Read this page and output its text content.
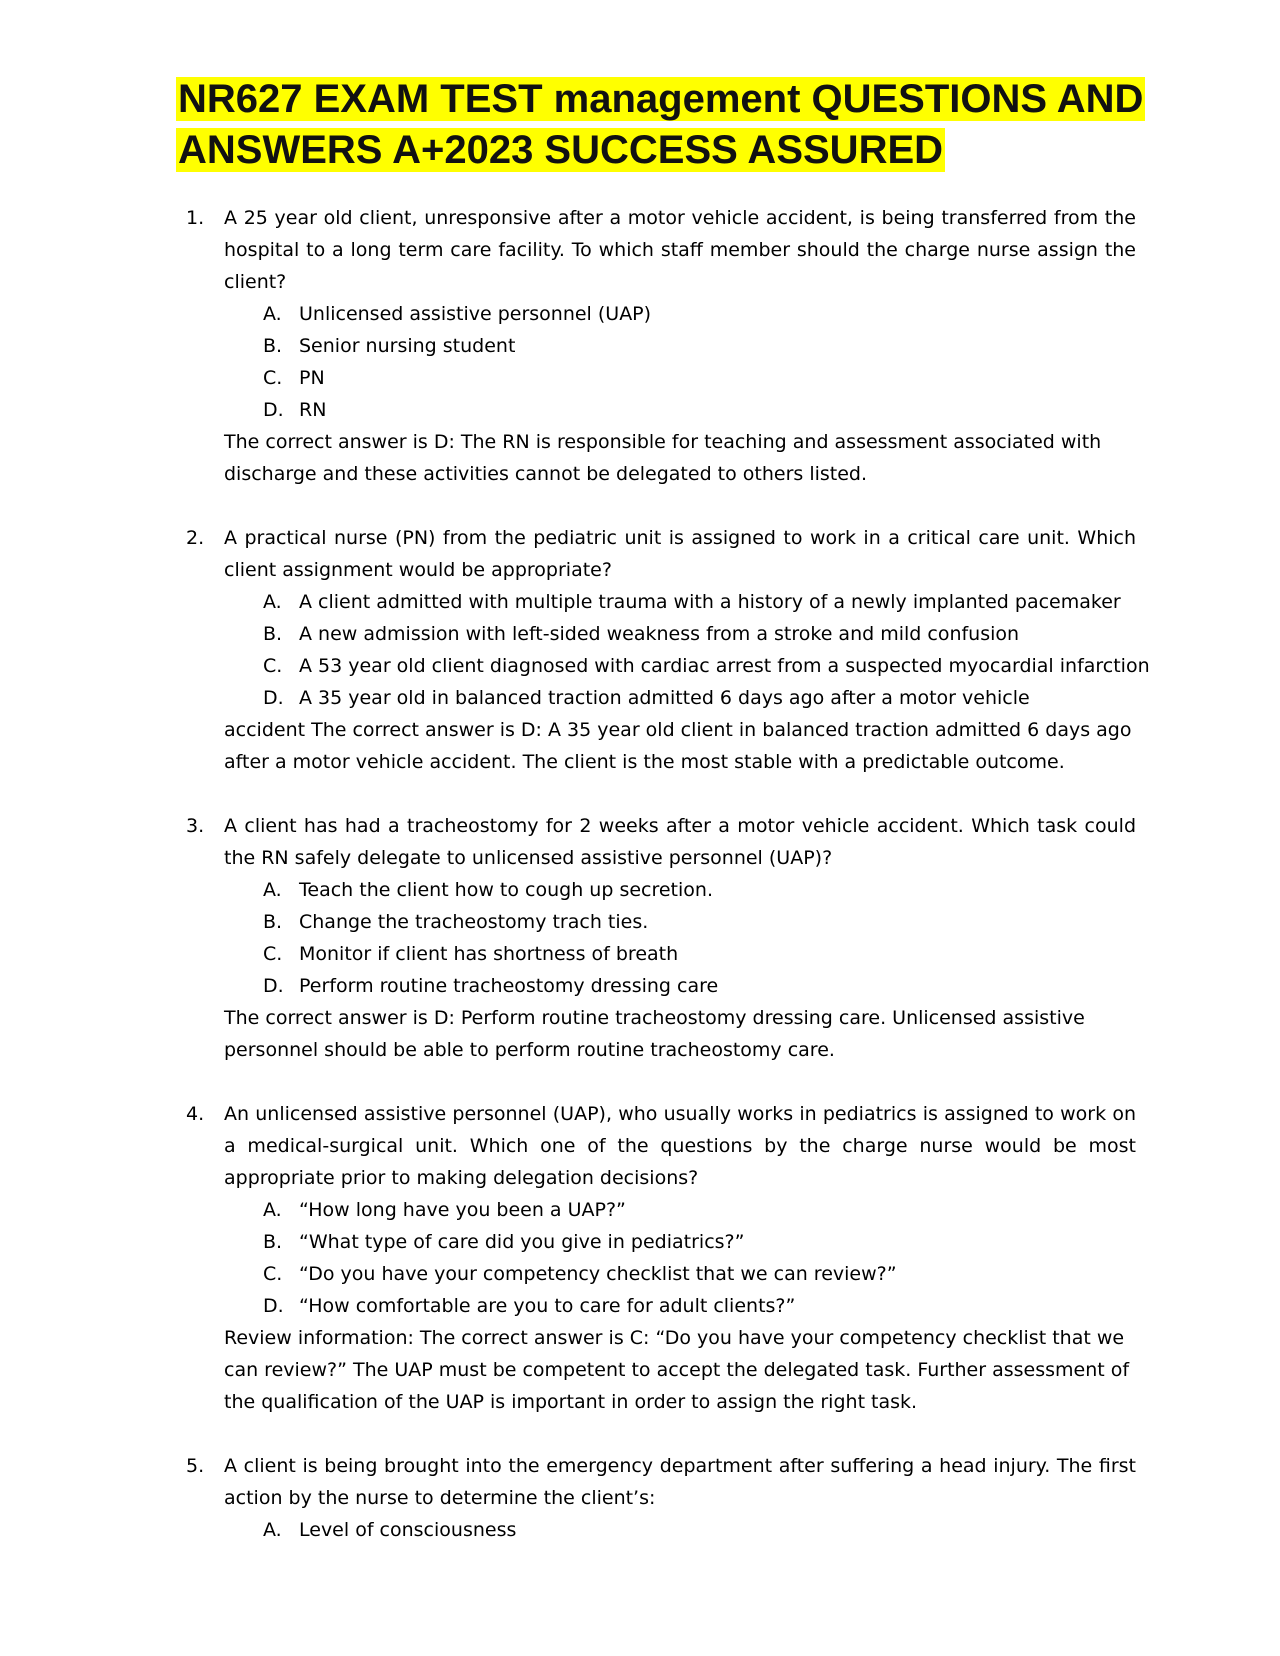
NR627 EXAM TEST management QUESTIONS AND ANSWERS A+2023 SUCCESS ASSURED
1. A 25 year old client, unresponsive after a motor vehicle accident, is being transferred from the hospital to a long term care facility. To which staff member should the charge nurse assign the client?
A. Unlicensed assistive personnel (UAP)
B. Senior nursing student
C. PN
D. RN
The correct answer is D: The RN is responsible for teaching and assessment associated with discharge and these activities cannot be delegated to others listed.
2. A practical nurse (PN) from the pediatric unit is assigned to work in a critical care unit. Which client assignment would be appropriate?
A. A client admitted with multiple trauma with a history of a newly implanted pacemaker
B. A new admission with left-sided weakness from a stroke and mild confusion
C. A 53 year old client diagnosed with cardiac arrest from a suspected myocardial infarction
D. A 35 year old in balanced traction admitted 6 days ago after a motor vehicle
accident The correct answer is D: A 35 year old client in balanced traction admitted 6 days ago after a motor vehicle accident. The client is the most stable with a predictable outcome.
3. A client has had a tracheostomy for 2 weeks after a motor vehicle accident. Which task could the RN safely delegate to unlicensed assistive personnel (UAP)?
A. Teach the client how to cough up secretion.
B. Change the tracheostomy trach ties.
C. Monitor if client has shortness of breath
D. Perform routine tracheostomy dressing care
The correct answer is D: Perform routine tracheostomy dressing care. Unlicensed assistive personnel should be able to perform routine tracheostomy care.
4. An unlicensed assistive personnel (UAP), who usually works in pediatrics is assigned to work on a medical-surgical unit. Which one of the questions by the charge nurse would be most appropriate prior to making delegation decisions?
A. “How long have you been a UAP?”
B. “What type of care did you give in pediatrics?”
C. “Do you have your competency checklist that we can review?”
D. “How comfortable are you to care for adult clients?”
Review information: The correct answer is C: “Do you have your competency checklist that we can review?” The UAP must be competent to accept the delegated task. Further assessment of the qualification of the UAP is important in order to assign the right task.
5. A client is being brought into the emergency department after suffering a head injury. The first action by the nurse to determine the client’s:
A. Level of consciousness
